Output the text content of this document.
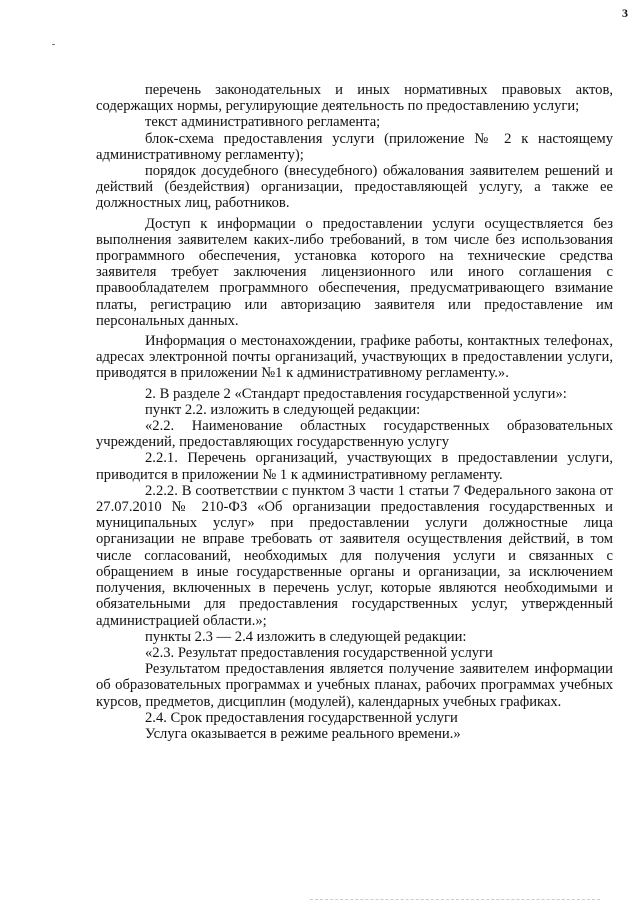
3

перечень законодательных и иных нормативных правовых актов, содержащих нормы, регулирующие деятельность по предоставлению услуги;

текст административного регламента;

блок-схема предоставления услуги (приложение № 2 к настоящему административному регламенту);

порядок досудебного (внесудебного) обжалования заявителем решений и действий (бездействия) организации, предоставляющей услугу, а также ее должностных лиц, работников.

Доступ к информации о предоставлении услуги осуществляется без выполнения заявителем каких-либо требований, в том числе без использования программного обеспечения, установка которого на технические средства заявителя требует заключения лицензионного или иного соглашения с правообладателем программного обеспечения, предусматривающего взимание платы, регистрацию или авторизацию заявителя или предоставление им персональных данных.

Информация о местонахождении, графике работы, контактных телефонах, адресах электронной почты организаций, участвующих в предоставлении услуги, приводятся в приложении №1 к административному регламенту.».

2. В разделе 2 «Стандарт предоставления государственной услуги»:

пункт 2.2. изложить в следующей редакции:

«2.2. Наименование областных государственных образовательных учреждений, предоставляющих государственную услугу

2.2.1. Перечень организаций, участвующих в предоставлении услуги, приводится в приложении № 1 к административному регламенту.

2.2.2. В соответствии с пунктом 3 части 1 статьи 7 Федерального закона от 27.07.2010 № 210-ФЗ «Об организации предоставления государственных и муниципальных услуг» при предоставлении услуги должностные лица организации не вправе требовать от заявителя осуществления действий, в том числе согласований, необходимых для получения услуги и связанных с обращением в иные государственные органы и организации, за исключением получения, включенных в перечень услуг, которые являются необходимыми и обязательными для предоставления государственных услуг, утвержденный администрацией области.»;

пункты 2.3 — 2.4 изложить в следующей редакции:

«2.3. Результат предоставления государственной услуги

Результатом предоставления является получение заявителем информации об образовательных программах и учебных планах, рабочих программах учебных курсов, предметов, дисциплин (модулей), календарных учебных графиках.

2.4. Срок предоставления государственной услуги

Услуга оказывается в режиме реального времени.»
